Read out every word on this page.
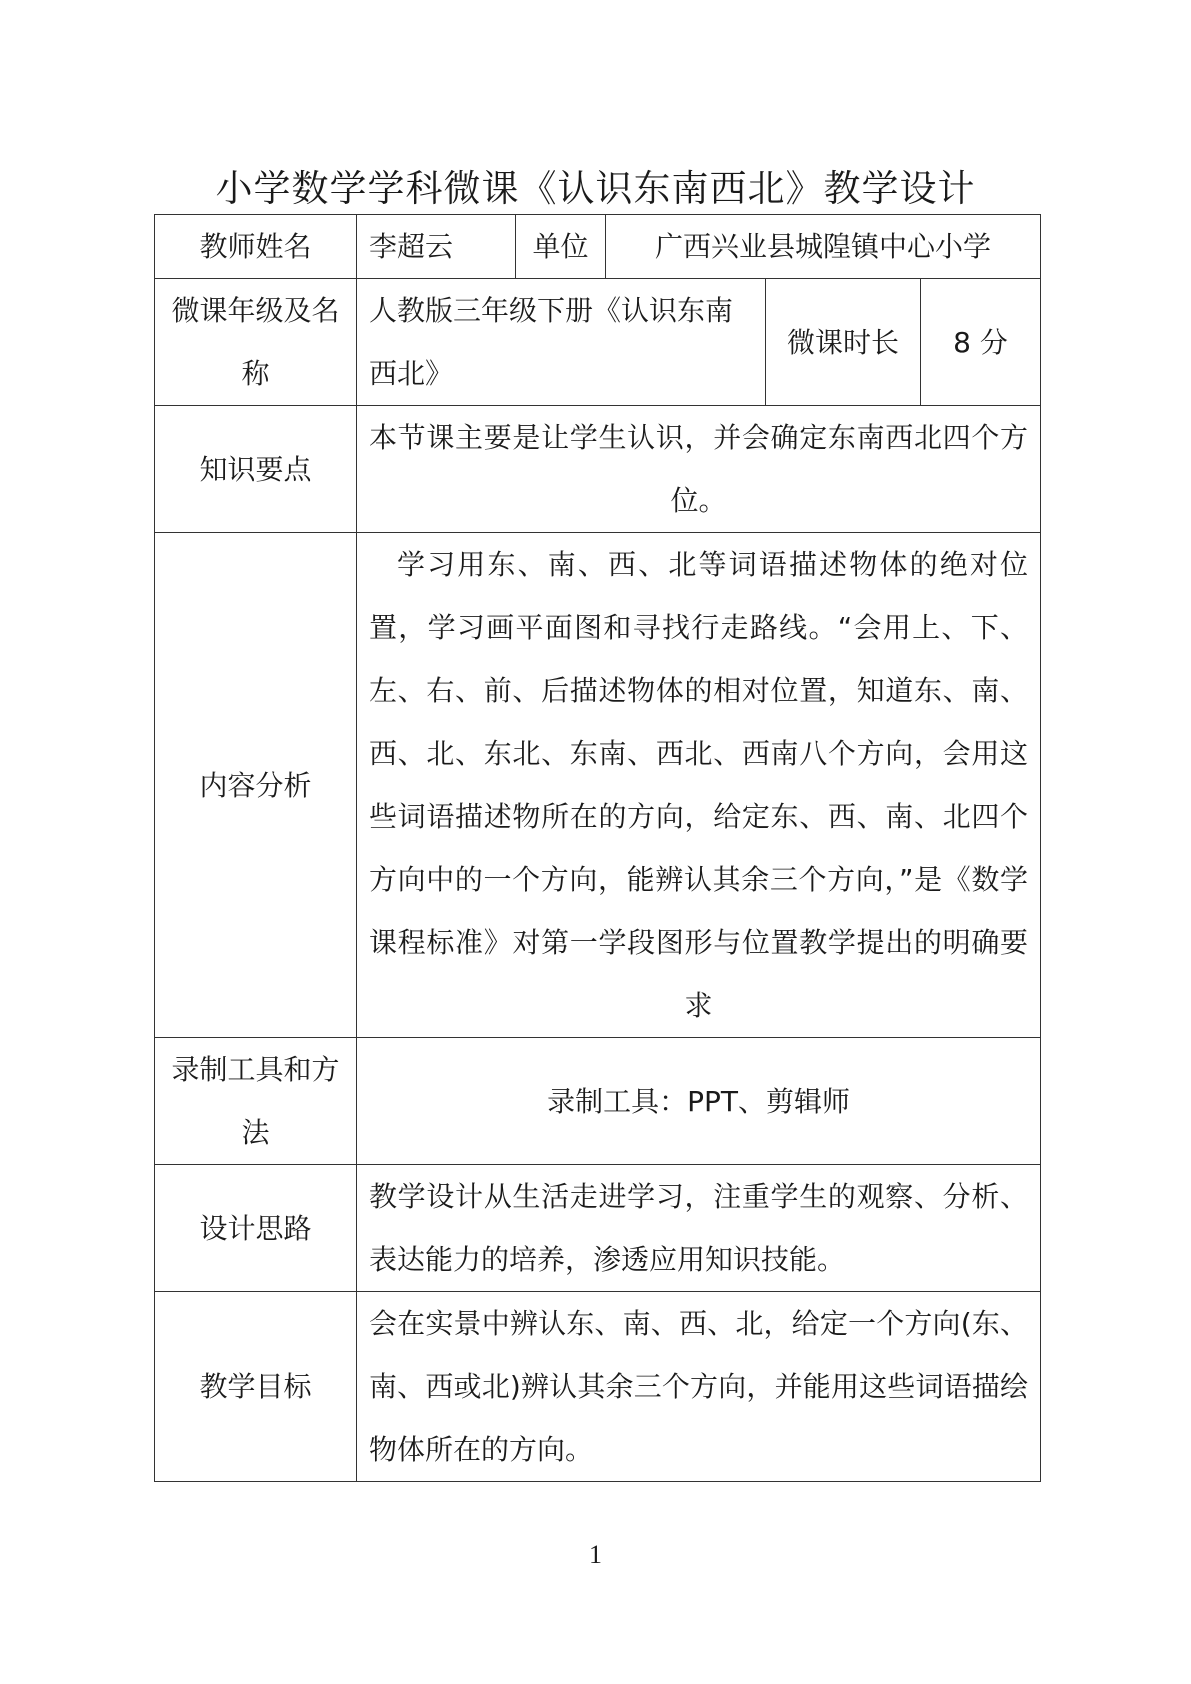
小学数学学科微课《认识东南西北》教学设计
教师姓名	李超云	单位	广西兴业县城隍镇中心小学		
微课年级及名称	人教版三年级下册《认识东南西北》			微课时长	8 分
知识要点	本节课主要是让学生认识，并会确定东南西北四个方位。				
内容分析	学习用东、南、西、北等词语描述物体的绝对位置，学习画平面图和寻找行走路线。“会用上、下、左、右、前、后描述物体的相对位置，知道东、南、西、北、东北、东南、西北、西南八个方向，会用这些词语描述物所在的方向，给定东、西、南、北四个方向中的一个方向，能辨认其余三个方向，”是《数学课程标准》对第一学段图形与位置教学提出的明确要求				
录制工具和方法	录制工具：PPT、剪辑师				
设计思路	教学设计从生活走进学习，注重学生的观察、分析、表达能力的培养，渗透应用知识技能。				
教学目标	会在实景中辨认东、南、西、北，给定一个方向(东、南、西或北)辨认其余三个方向，并能用这些词语描绘物体所在的方向。				
1
